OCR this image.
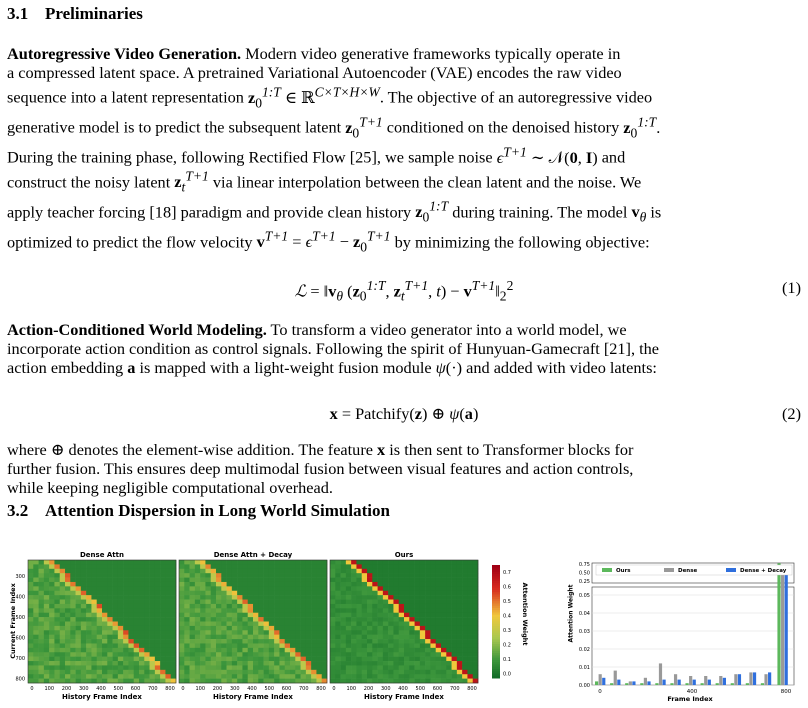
3.1 Preliminaries
Autoregressive Video Generation. Modern video generative frameworks typically operate in
a compressed latent space. A pretrained Variational Autoencoder (VAE) encodes the raw video
sequence into a latent representation $z_0^{1:T}$ ∈ ℝ$^{C\times T\times H\times W}$. The objective of an autoregressive video
generative model is to predict the subsequent latent $z_0^{T+1}$ conditioned on the denoised history $z_0^{1:T}$.
During the training phase, following Rectified Flow [25], we sample noise $\epsilon^{T+1}$ ∼ 𝒩(0, I) and
construct the noisy latent $z_t^{T+1}$ via linear interpolation between the clean latent and the noise. We
apply teacher forcing [18] paradigm and provide clean history $z_0^{1:T}$ during training. The model $v_\theta$ is
optimized to predict the flow velocity $v^{T+1} = \epsilon^{T+1} - z_0^{T+1}$ by minimizing the following objective:
ℒ = $‖v_\theta$ ($z_0^{1:T}$, $z_t^{T+1}$, $t) - v^{T+1}‖_2^2$	(1)
Action-Conditioned World Modeling. To transform a video generator into a world model, we
incorporate action condition as control signals. Following the spirit of Hunyuan-Gamecraft [21], the
action embedding a is mapped with a light-weight fusion module ψ(·) and added with video latents:
x = Patchify(z) ⊕ ψ(a)	(2)
where ⊕ denotes the element-wise addition. The feature x is then sent to Transformer blocks for
further fusion. This ensures deep multimodal fusion between visual features and action controls,
while keeping negligible computational overhead.
3.2 Attention Dispersion in Long World Simulation
Dense Attn	Dense Attn + Decay	Ours
0 100 200 300 400 500 600 700 800 0 100 200 300 400 500 600 700 800 0 100 200 300 400 500 600 700 800
300
400
500
600
700
800
0.7
0.6
0.5
0.4
0.3
0.2
0.1
0.0
Current Frame Index
History Frame Index	History Frame Index	History Frame Index
Attention Weight
0.00
0.01
0.02
0.03
0.04
0.05
0.25
0.50
0.75
0	400	800
Ours	Dense	Dense + Decay
Attention Weight
Frame Index
